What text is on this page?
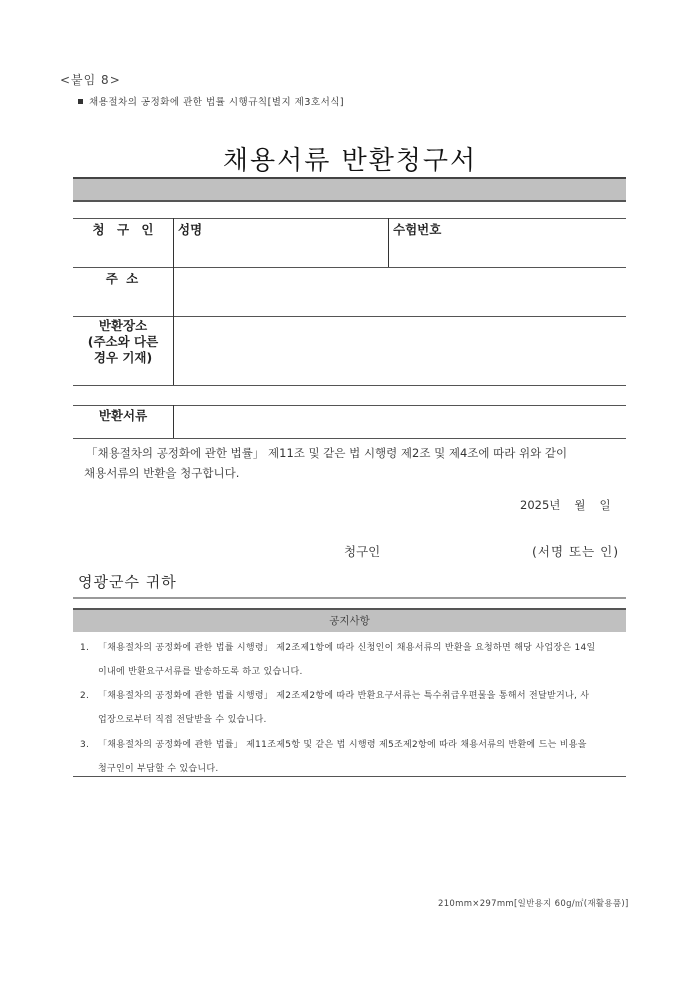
<붙임 8>
채용절차의 공정화에 관한 법률 시행규칙[별지 제3호서식]
채용서류 반환청구서
청 구 인	성명	수험번호
주 소
반환장소
(주소와 다른
경우 기재)
반환서류
「채용절차의 공정화에 관한 법률」 제11조 및 같은 법 시행령 제2조 및 제4조에 따라 위와 같이
채용서류의 반환을 청구합니다.
2025년 월 일
청구인	(서명 또는 인)
영광군수 귀하
공지사항
1. 「채용절차의 공정화에 관한 법률 시행령」 제2조제1항에 따라 신청인이 채용서류의 반환을 요청하면 해당 사업장은 14일
이내에 반환요구서류를 발송하도록 하고 있습니다.
2. 「채용절차의 공정화에 관한 법률 시행령」 제2조제2항에 따라 반환요구서류는 특수취급우편물을 통해서 전달받거나, 사
업장으로부터 직접 전달받을 수 있습니다.
3. 「채용절차의 공정화에 관한 법률」 제11조제5항 및 같은 법 시행령 제5조제2항에 따라 채용서류의 반환에 드는 비용을
청구인이 부담할 수 있습니다.
210mm×297mm[일반용지 60g/㎡(재활용품)]
